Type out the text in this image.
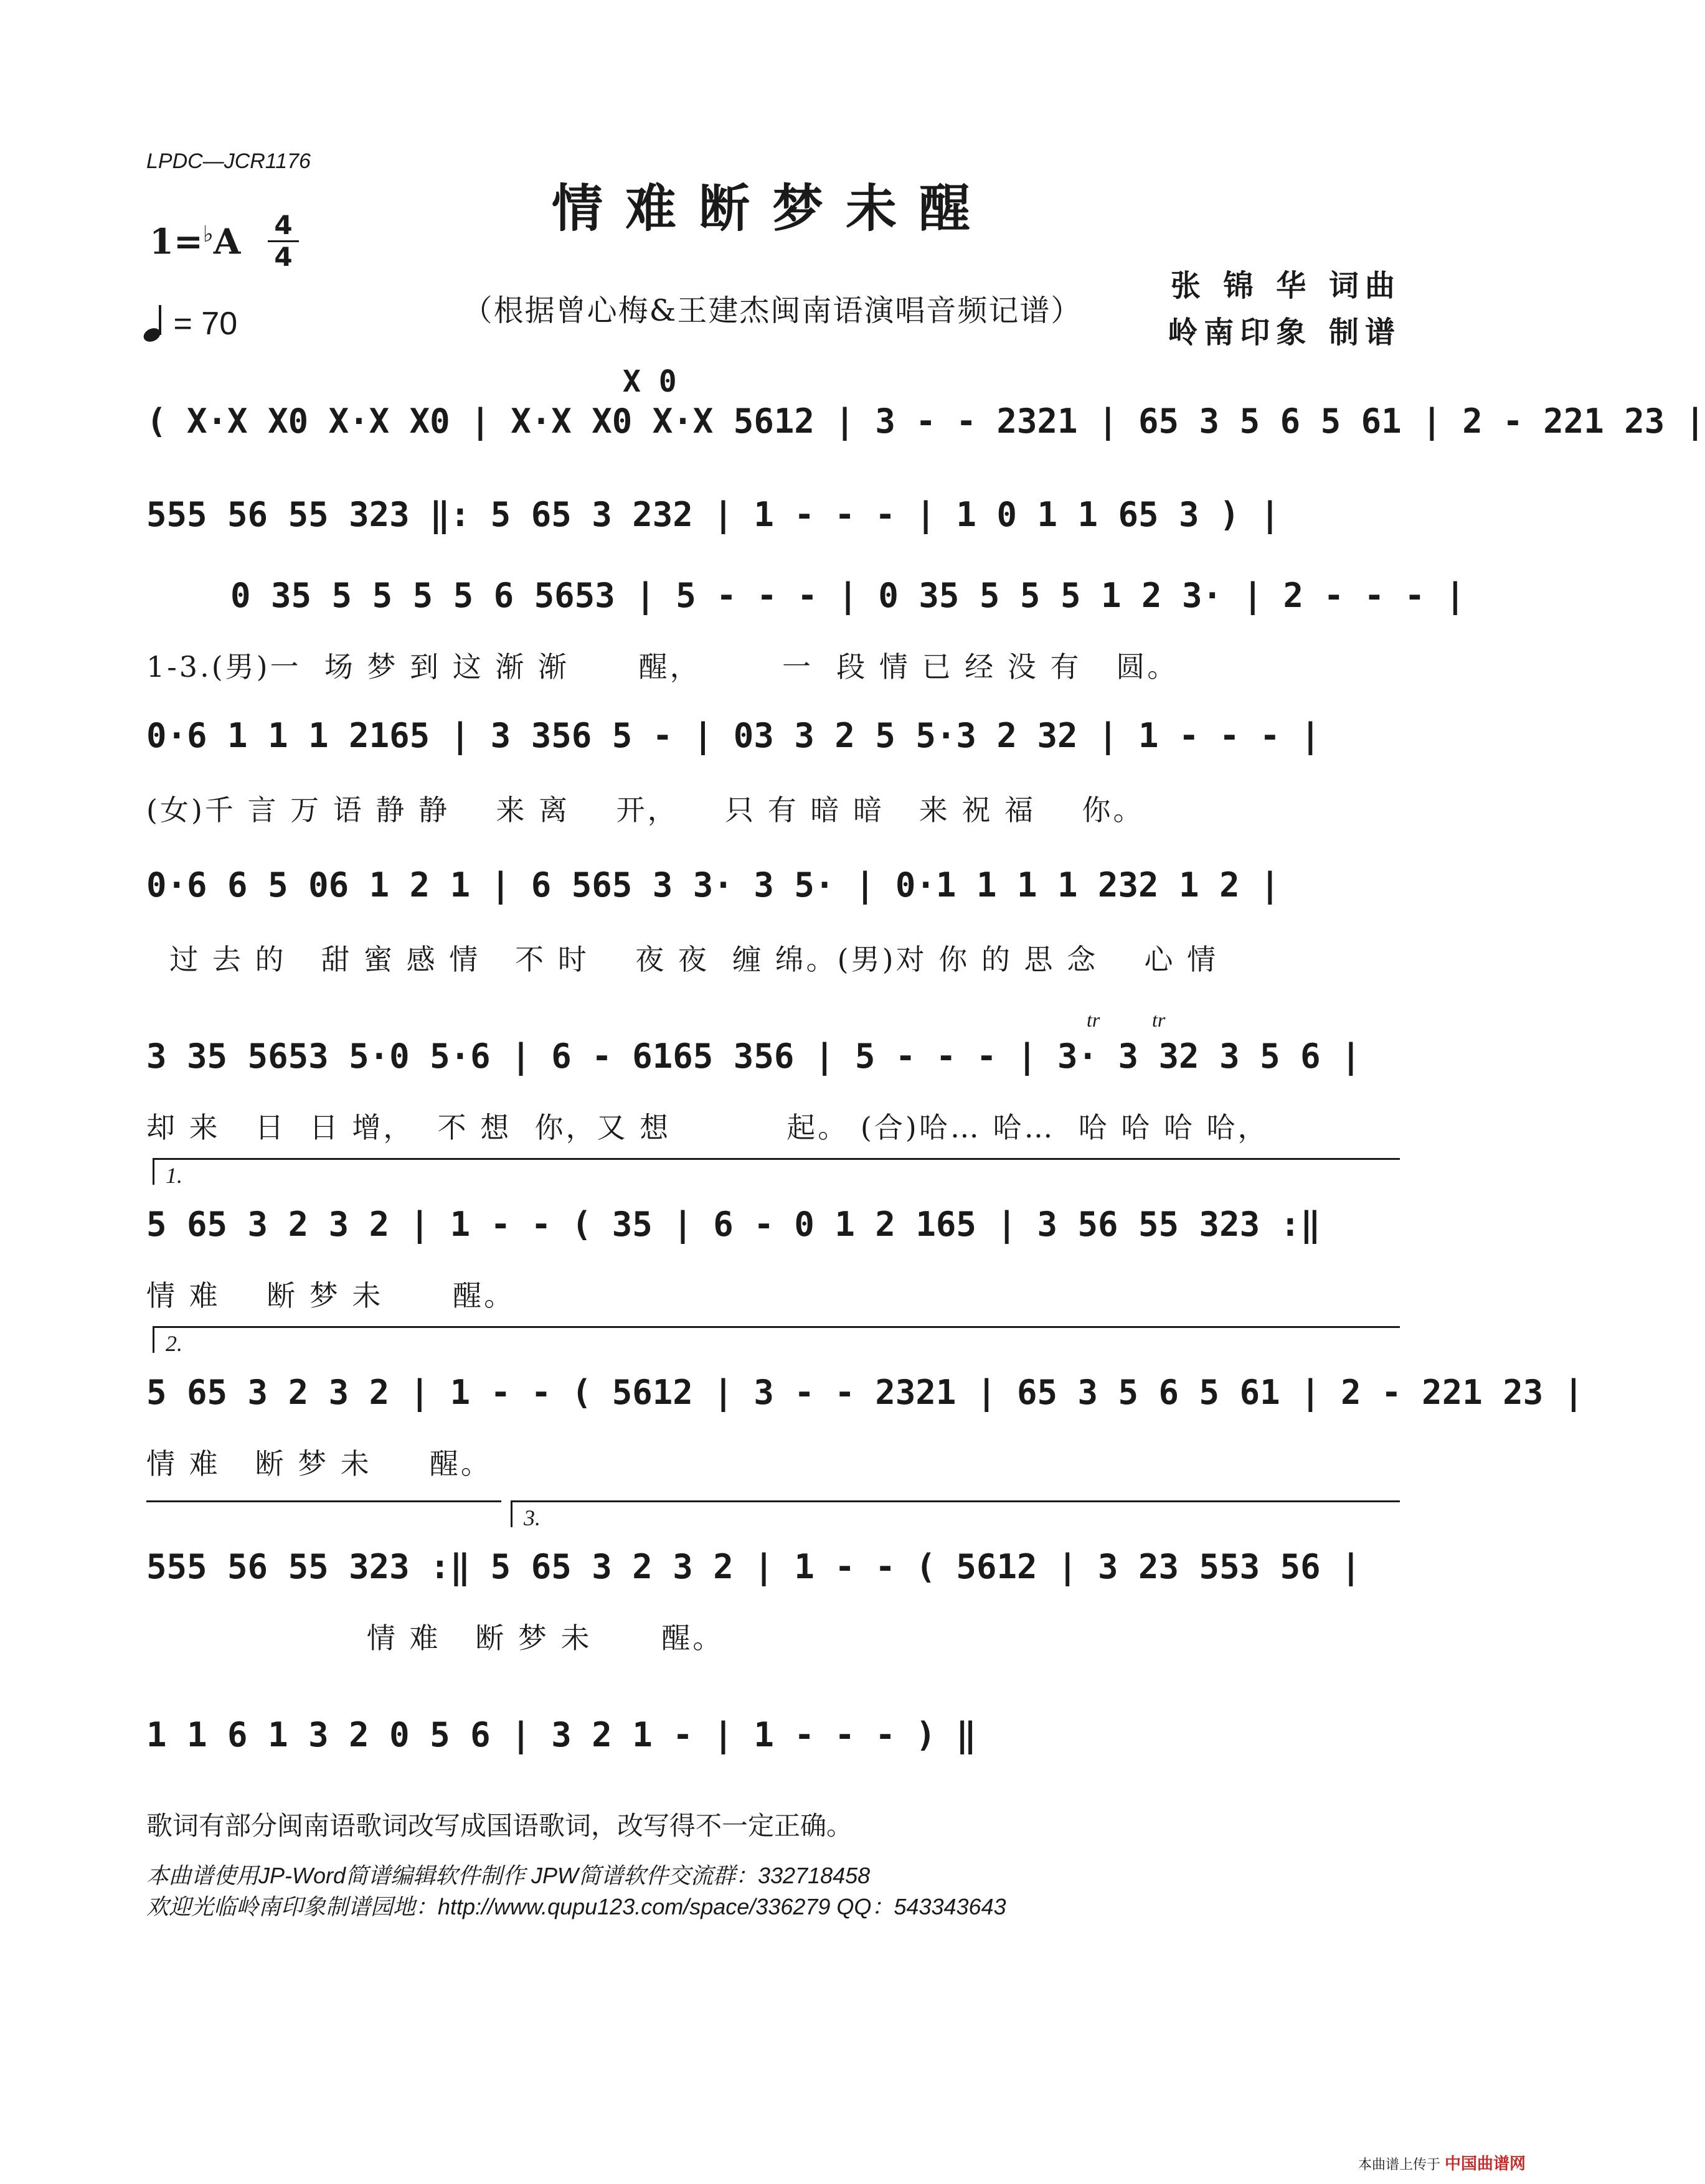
LPDC—JCR1176
情难断梦未醒
1=♭A 4
4
= 70	（根据曾心梅&王建杰闽南语演唱音频记谱）
张 锦 华 词曲
岭南印象 制谱
X 0
( X·X X0 X·X X0 | X·X X0 X·X 5612 | 3 - - 2321 | 65 3 5 6 5 61 | 2 - 221 23 |
555 56 55 323 ‖: 5 65 3 232 | 1 - - - | 1 0 1 1 65 3 ) |
0 35 5 5 5 5 6 5653 | 5 - - - | 0 35 5 5 5 1 2 3· | 2 - - - |
1-3.(男)一  场 梦 到 这 渐 渐      醒，       一  段 情 已 经 没 有   圆。
0·6 1 1 1 2165 | 3 356 5 - | 03 3 2 5 5·3 2 32 | 1 - - - |
(女)千 言 万 语 静 静    来 离    开，    只 有 暗 暗   来 祝 福    你。
0·6 6 5 06 1 2 1 | 6 565 3 3· 3 5· | 0·1 1 1 1 232 1 2 |
过 去 的   甜 蜜 感 情   不 时    夜 夜  缠 绵。(男)对 你 的 思 念    心 情
tr	tr
3 35 5653 5·0 5·6 | 6 - 6165 356 | 5 - - - | 3· 3 32 3 5 6 |
却 来   日  日 增，  不 想  你，又 想          起。 (合)哈… 哈…  哈 哈 哈 哈，
1.
5 65 3 2 3 2 | 1 - - ( 35 | 6 - 0 1 2 165 | 3 56 55 323 :‖
情 难    断 梦 未      醒。
2.
5 65 3 2 3 2 | 1 - - ( 5612 | 3 - - 2321 | 65 3 5 6 5 61 | 2 - 221 23 |
情 难   断 梦 未     醒。
3.
555 56 55 323 :‖ 5 65 3 2 3 2 | 1 - - ( 5612 | 3 23 553 56 |
情 难   断 梦 未      醒。
1 1 6 1 3 2 0 5 6 | 3 2 1 - | 1 - - - ) ‖
歌词有部分闽南语歌词改写成国语歌词，改写得不一定正确。
本曲谱使用JP-Word简谱编辑软件制作 JPW简谱软件交流群：332718458
欢迎光临岭南印象制谱园地：http://www.qupu123.com/space/336279 QQ：543343643
本曲谱上传于 中国曲谱网
